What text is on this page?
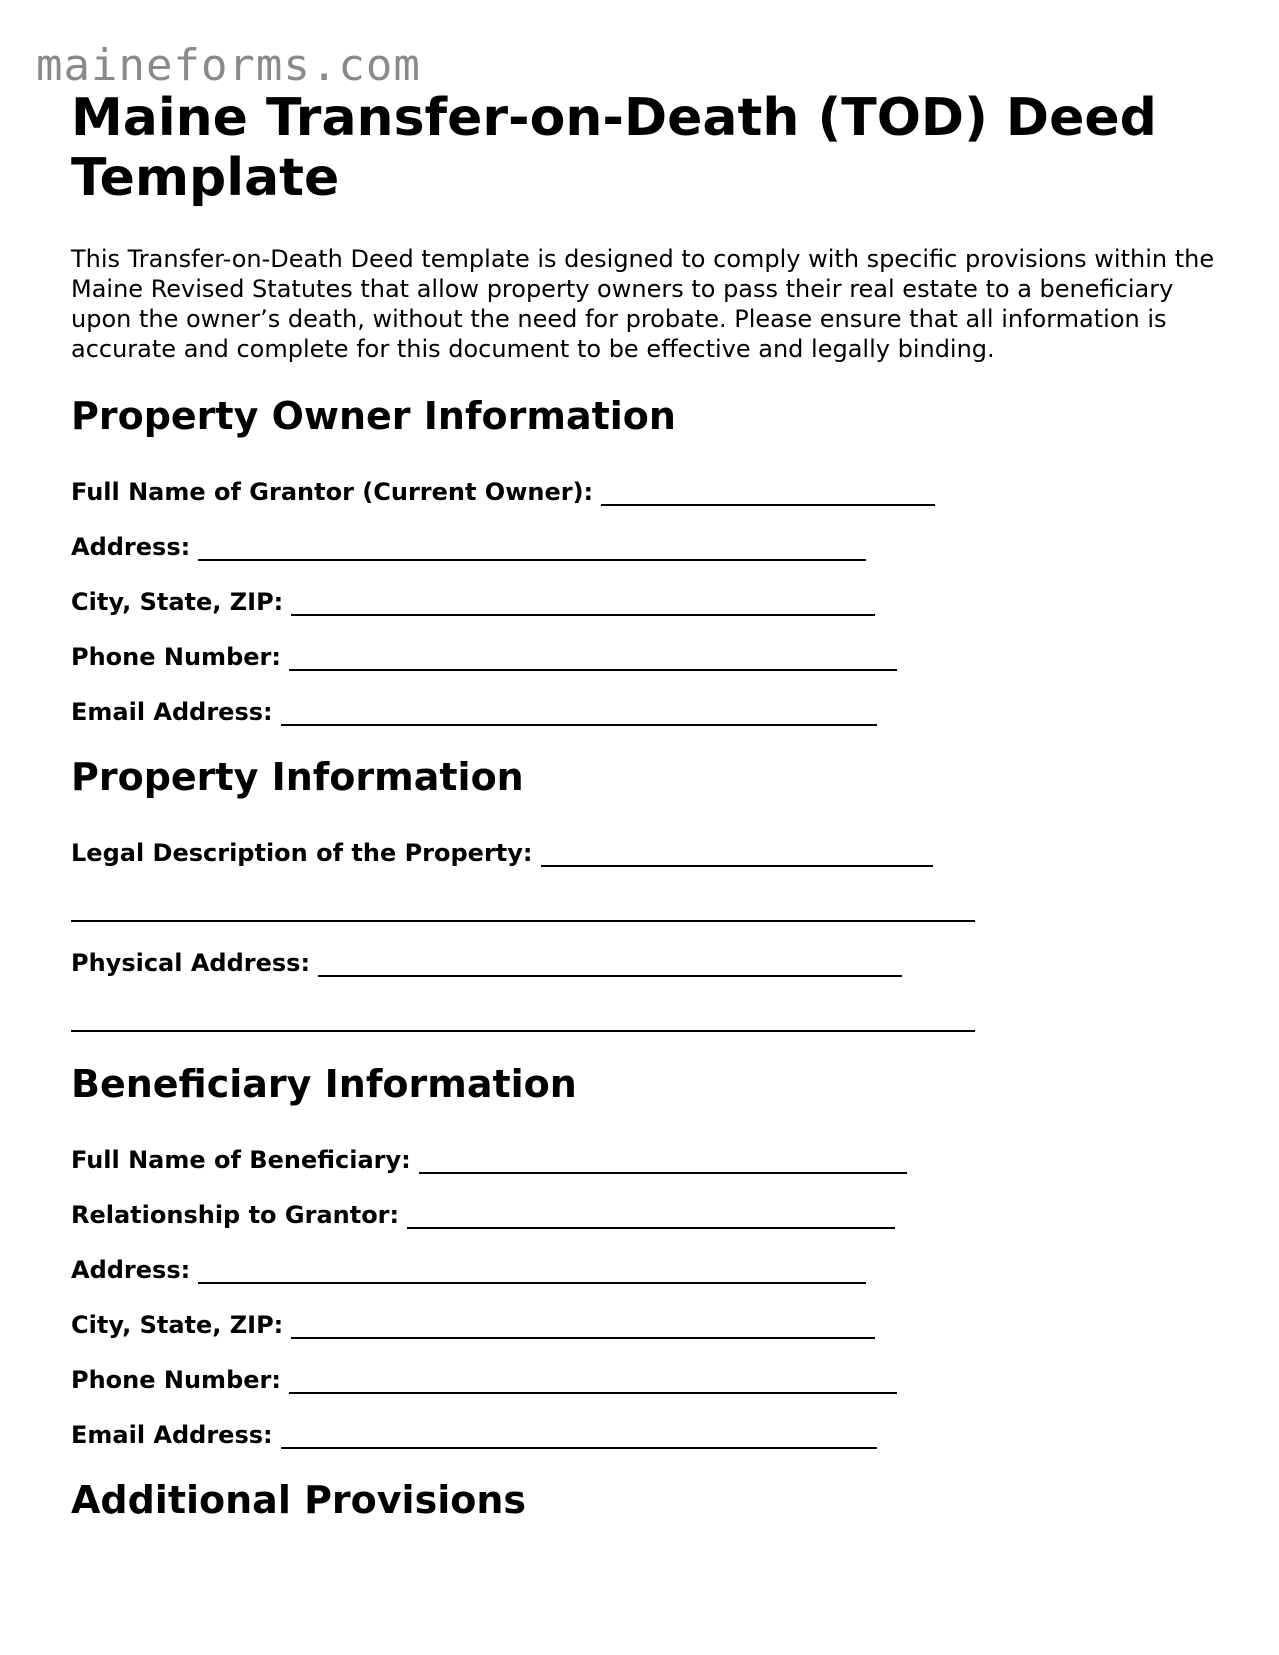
maineforms.com
Maine Transfer-on-Death (TOD) Deed Template

This Transfer-on-Death Deed template is designed to comply with specific provisions within the Maine Revised Statutes that allow property owners to pass their real estate to a beneficiary upon the owner’s death, without the need for probate. Please ensure that all information is accurate and complete for this document to be effective and legally binding.

Property Owner Information
Full Name of Grantor (Current Owner):
Address:
City, State, ZIP:
Phone Number:
Email Address:
Property Information
Legal Description of the Property:
Physical Address:
Beneficiary Information
Full Name of Beneficiary:
Relationship to Grantor:
Address:
City, State, ZIP:
Phone Number:
Email Address:
Additional Provisions
